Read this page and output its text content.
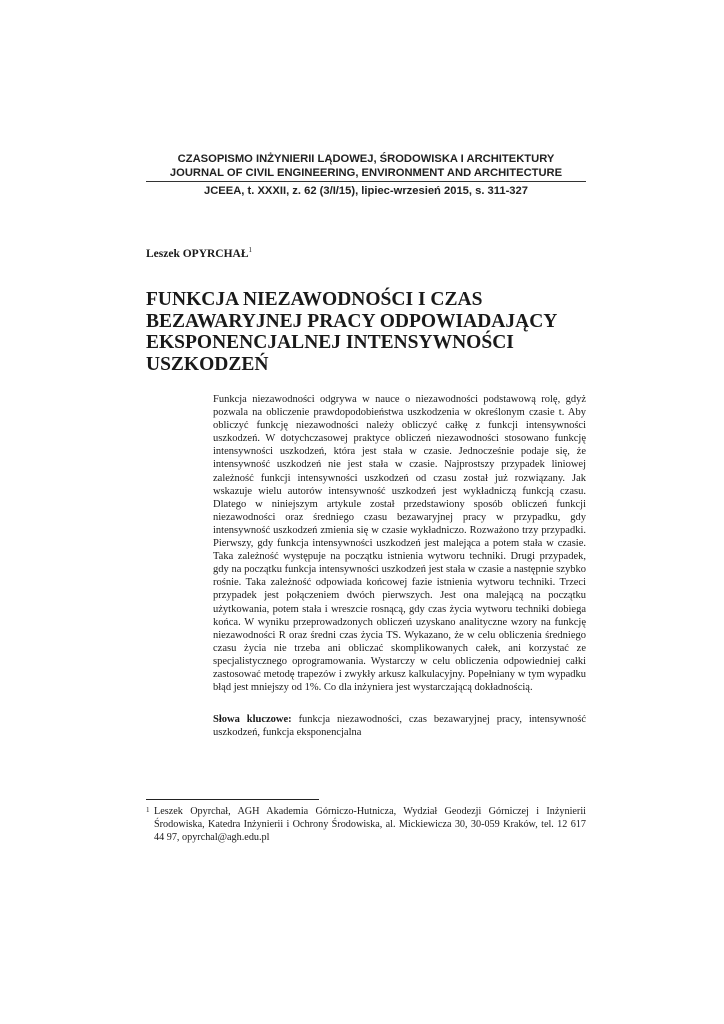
CZASOPISMO INŻYNIERII LĄDOWEJ, ŚRODOWISKA I ARCHITEKTURY
JOURNAL OF CIVIL ENGINEERING, ENVIRONMENT AND ARCHITECTURE
JCEEA, t. XXXII, z. 62 (3/I/15), lipiec-wrzesień 2015, s. 311-327
Leszek OPYRCHAŁ$^1$
FUNKCJA NIEZAWODNOŚCI I CZAS
BEZAWARYJNEJ PRACY ODPOWIADAJĄCY
EKSPONENCJALNEJ INTENSYWNOŚCI
USZKODZEŃ

Funkcja niezawodności odgrywa w nauce o niezawodności podstawową rolę, gdyż pozwala na obliczenie prawdopodobieństwa uszkodzenia w określonym czasie t. Aby obliczyć funkcję niezawodności należy obliczyć całkę z funkcji intensywności uszkodzeń. W dotychczasowej praktyce obliczeń niezawodności stosowano funkcję intensywności uszkodzeń, która jest stała w czasie. Jednocześnie podaje się, że intensywność uszkodzeń nie jest stała w czasie. Najprostszy przypadek liniowej zależność funkcji intensywności uszkodzeń od czasu został już rozwiązany. Jak wskazuje wielu autorów intensywność uszkodzeń jest wykładniczą funkcją czasu. Dlatego w niniejszym artykule został przedstawiony sposób obliczeń funkcji niezawodności oraz średniego czasu bezawaryjnej pracy w przypadku, gdy intensywność uszkodzeń zmienia się w czasie wykładniczo. Rozważono trzy przypadki. Pierwszy, gdy funkcja intensywności uszkodzeń jest malejąca a potem stała w czasie. Taka zależność występuje na początku istnienia wytworu techniki. Drugi przypadek, gdy na początku funkcja intensywności uszkodzeń jest stała w czasie a następnie szybko rośnie. Taka zależność odpowiada końcowej fazie istnienia wytworu techniki. Trzeci przypadek jest połączeniem dwóch pierwszych. Jest ona malejącą na początku użytkowania, potem stała i wreszcie rosnącą, gdy czas życia wytworu techniki dobiega końca. W wyniku przeprowadzonych obliczeń uzyskano analityczne wzory na funkcję niezawodności R oraz średni czas życia TS. Wykazano, że w celu obliczenia średniego czasu życia nie trzeba ani obliczać skomplikowanych całek, ani korzystać ze specjalistycznego oprogramowania. Wystarczy w celu obliczenia odpowiedniej całki zastosować metodę trapezów i zwykły arkusz kalkulacyjny. Popełniany w tym wypadku błąd jest mniejszy od 1%. Co dla inżyniera jest wystarczającą dokładnością.

Słowa kluczowe: funkcja niezawodności, czas bezawaryjnej pracy, intensywność uszkodzeń, funkcja eksponencjalna

1 Leszek Opyrchał, AGH Akademia Górniczo-Hutnicza, Wydział Geodezji Górniczej i Inżynierii Środowiska, Katedra Inżynierii i Ochrony Środowiska, al. Mickiewicza 30, 30-059 Kraków, tel. 12 617 44 97, opyrchal@agh.edu.pl
